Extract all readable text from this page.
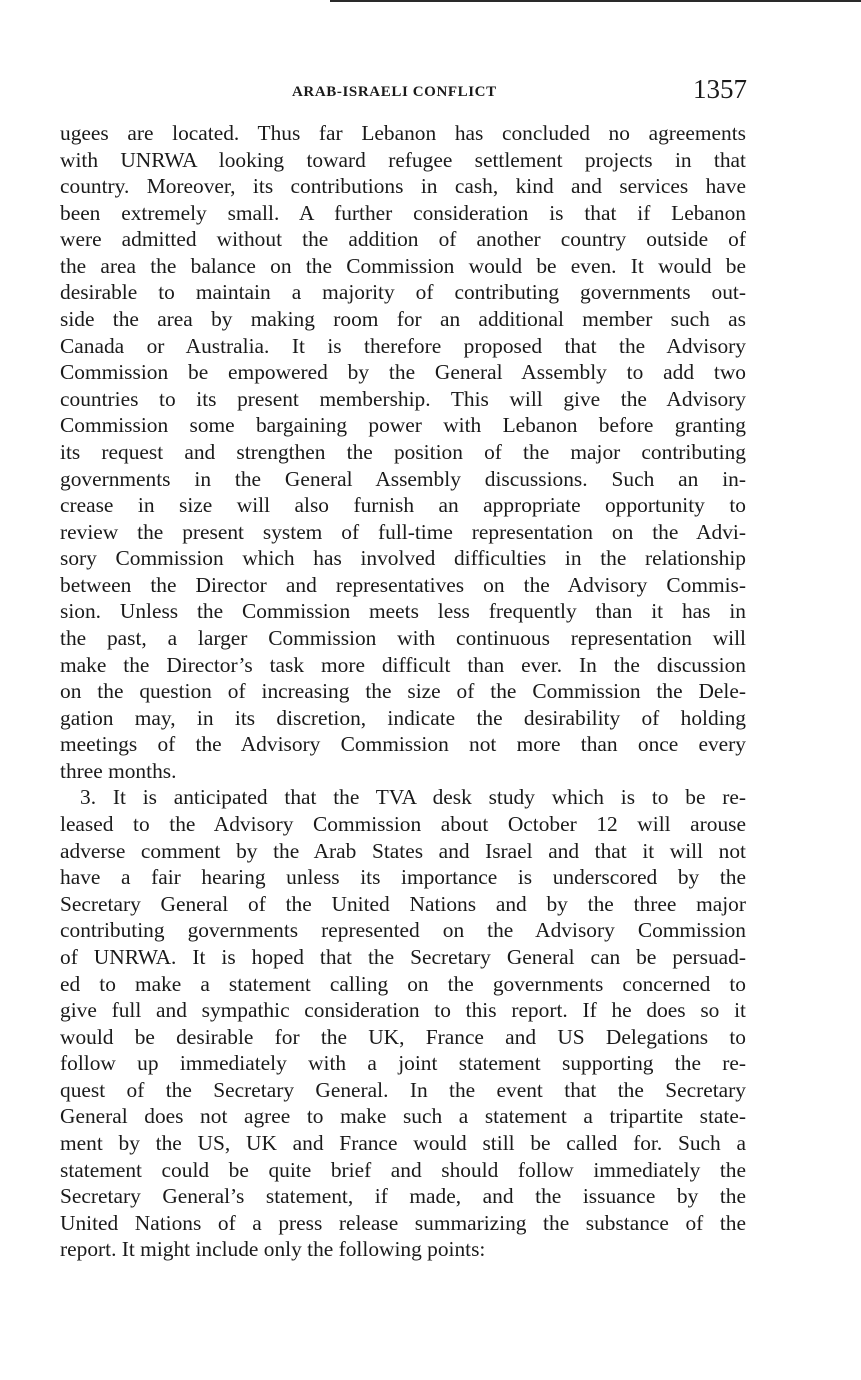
ARAB-ISRAELI CONFLICT	1357
ugees are located. Thus far Lebanon has concluded no agreements
with UNRWA looking toward refugee settlement projects in that
country. Moreover, its contributions in cash, kind and services have
been extremely small. A further consideration is that if Lebanon
were admitted without the addition of another country outside of
the area the balance on the Commission would be even. It would be
desirable to maintain a majority of contributing governments out-
side the area by making room for an additional member such as
Canada or Australia. It is therefore proposed that the Advisory
Commission be empowered by the General Assembly to add two
countries to its present membership. This will give the Advisory
Commission some bargaining power with Lebanon before granting
its request and strengthen the position of the major contributing
governments in the General Assembly discussions. Such an in-
crease in size will also furnish an appropriate opportunity to
review the present system of full-time representation on the Advi-
sory Commission which has involved difficulties in the relationship
between the Director and representatives on the Advisory Commis-
sion. Unless the Commission meets less frequently than it has in
the past, a larger Commission with continuous representation will
make the Director’s task more difficult than ever. In the discussion
on the question of increasing the size of the Commission the Dele-
gation may, in its discretion, indicate the desirability of holding
meetings of the Advisory Commission not more than once every
three months.
3. It is anticipated that the TVA desk study which is to be re-
leased to the Advisory Commission about October 12 will arouse
adverse comment by the Arab States and Israel and that it will not
have a fair hearing unless its importance is underscored by the
Secretary General of the United Nations and by the three major
contributing governments represented on the Advisory Commission
of UNRWA. It is hoped that the Secretary General can be persuad-
ed to make a statement calling on the governments concerned to
give full and sympathic consideration to this report. If he does so it
would be desirable for the UK, France and US Delegations to
follow up immediately with a joint statement supporting the re-
quest of the Secretary General. In the event that the Secretary
General does not agree to make such a statement a tripartite state-
ment by the US, UK and France would still be called for. Such a
statement could be quite brief and should follow immediately the
Secretary General’s statement, if made, and the issuance by the
United Nations of a press release summarizing the substance of the
report. It might include only the following points:
